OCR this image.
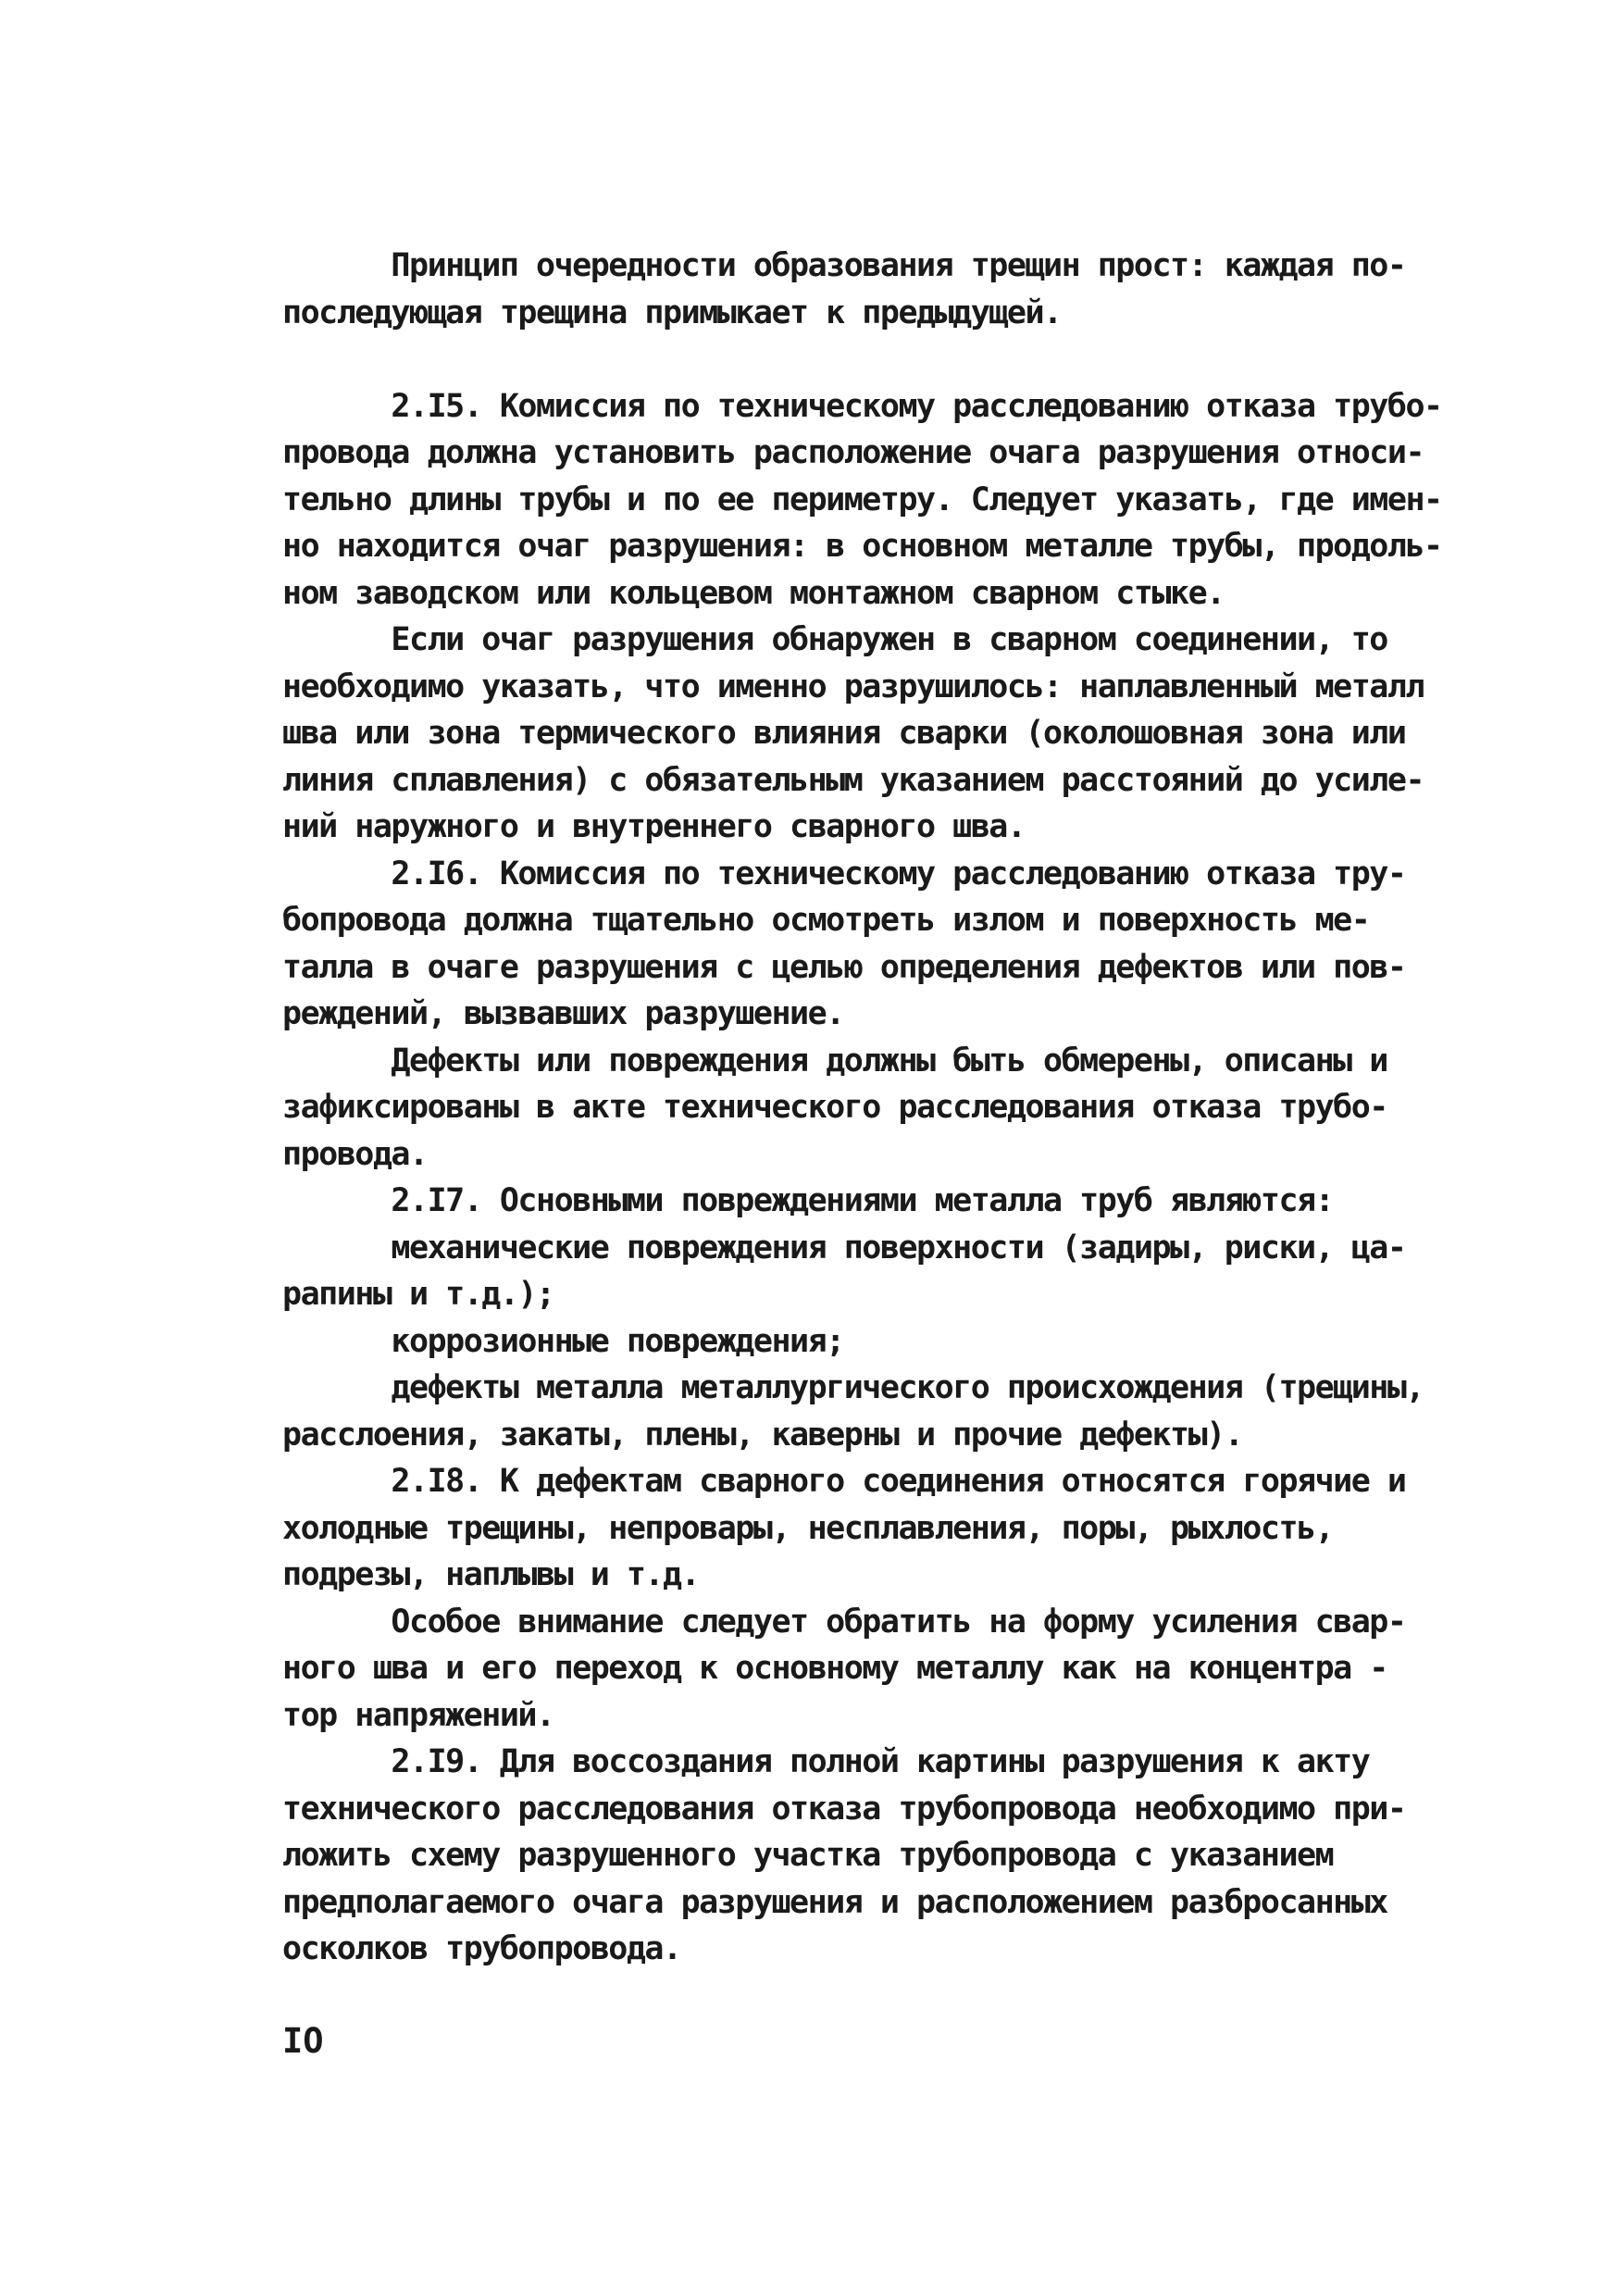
Принцип очередности образования трещин прост: каждая по-
последующая трещина примыкает к предыдущей.
2.I5. Комиссия по техническому расследованию отказа трубо-
провода должна установить расположение очага разрушения относи-
тельно длины трубы и по ее периметру. Следует указать, где имен-
но находится очаг разрушения: в основном металле трубы, продоль-
ном заводском или кольцевом монтажном сварном стыке.
Если очаг разрушения обнаружен в сварном соединении, то
необходимо указать, что именно разрушилось: наплавленный металл
шва или зона термического влияния сварки (околошовная зона или
линия сплавления) с обязательным указанием расстояний до усиле-
ний наружного и внутреннего сварного шва.
2.I6. Комиссия по техническому расследованию отказа тру-
бопровода должна тщательно осмотреть излом и поверхность ме-
талла в очаге разрушения с целью определения дефектов или пов-
реждений, вызвавших разрушение.
Дефекты или повреждения должны быть обмерены, описаны и
зафиксированы в акте технического расследования отказа трубо-
провода.
2.I7. Основными повреждениями металла труб являются:
механические повреждения поверхности (задиры, риски, ца-
рапины и т.д.);
коррозионные повреждения;
дефекты металла металлургического происхождения (трещины,
расслоения, закаты, плены, каверны и прочие дефекты).
2.I8. К дефектам сварного соединения относятся горячие и
холодные трещины, непровары, несплавления, поры, рыхлость,
подрезы, наплывы и т.д.
Особое внимание следует обратить на форму усиления свар-
ного шва и его переход к основному металлу как на концентра -
тор напряжений.
2.I9. Для воссоздания полной картины разрушения к акту
технического расследования отказа трубопровода необходимо при-
ложить схему разрушенного участка трубопровода с указанием
предполагаемого очага разрушения и расположением разбросанных
осколков трубопровода.
IO
